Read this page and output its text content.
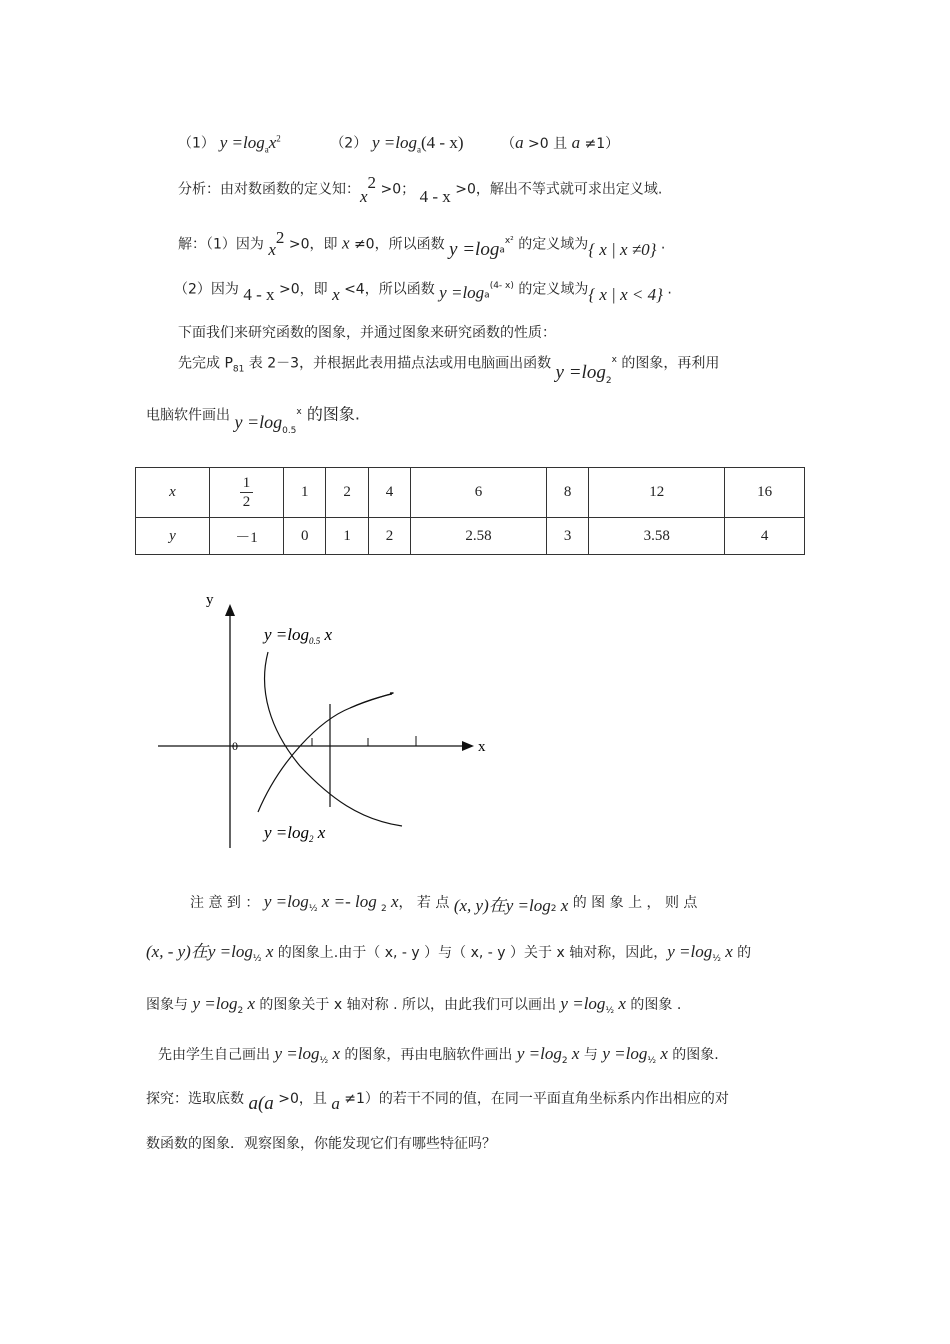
（1） $y =\log_ax^2$	（2） $y =\log_a(4 - x)$	（a >0 且 a ≠1）
分析：由对数函数的定义知：$x^2 >0$； 4 - x >0，解出不等式就可求出定义域.
解：（1）因为 $x^2 >0$，即 x ≠0，所以函数 $y =\log_a^{x^2}$ 的定义域为{ x | x ≠0} .
（2）因为 4 - x >0，即 x <4，所以函数 $y =\log_a^{(4- x)}$ 的定义域为{ x | x < 4} .
下面我们来研究函数的图象，并通过图象来研究函数的性质：
先完成 $P_{81}$ 表 2－3，并根据此表用描点法或用电脑画出函数 $y =\log_2^x$ 的图象，再利用
电脑软件画出 $y =\log_{0.5}^x$ 的图象.
x	$\frac{1}{2}$	1	2	4	6	8	12	16
y	－1	0	1	2	2.58	3	3.58	4
y
x
0
$y =\log_{0.5}$ x
$y =\log_2$ x
注 意 到 ： $y =\log_{\frac{1}{2}}$ x =- log $_2$ x， 若 点 (x, y)在$y =\log_2$ x 的 图 象 上 ， 则 点
(x, - y)在$y =\log_{\frac{1}{2}}$ x 的图象上.由于（ x, - y ）与（ x, - y ）关于 x 轴对称，因此，$y =\log_{\frac{1}{2}}$ x 的
图象与 $y =\log_2$ x 的图象关于 x 轴对称 . 所以，由此我们可以画出 $y =\log_{\frac{1}{2}}$ x 的图象 .
先由学生自己画出 $y =\log_{\frac{1}{2}}$ x 的图象，再由电脑软件画出 $y =\log_2$ x 与 $y =\log_{\frac{1}{2}}$ x 的图象.
探究：选取底数 a(a >0，且 a ≠1）的若干不同的值，在同一平面直角坐标系内作出相应的对
数函数的图象．观察图象，你能发现它们有哪些特征吗？
